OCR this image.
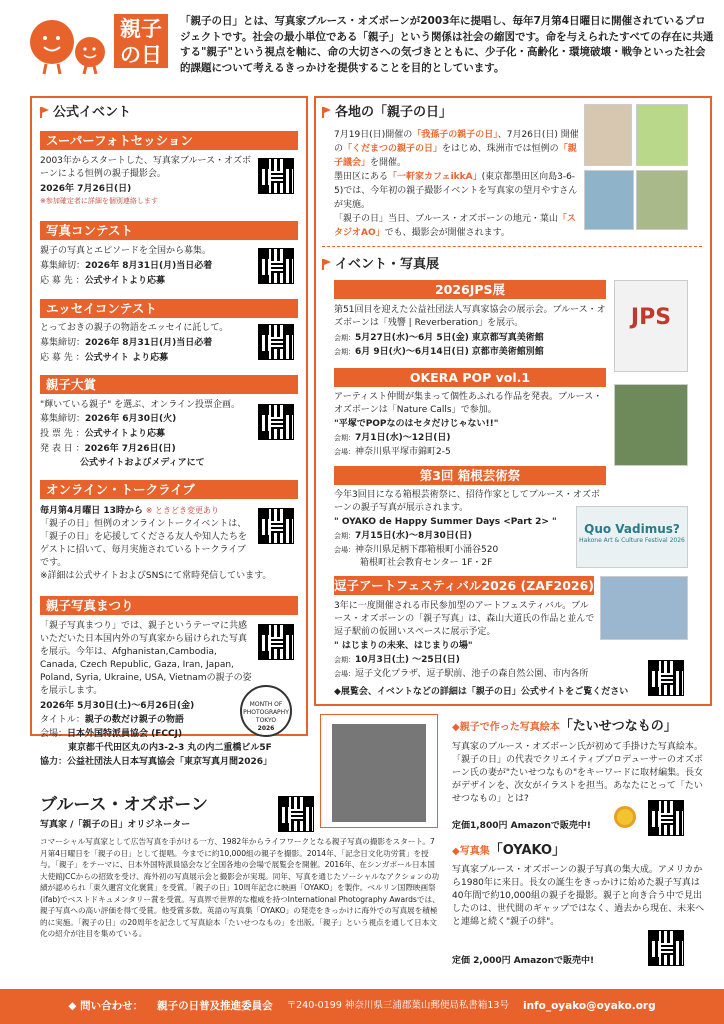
親子
の日
「親子の日」とは、写真家ブルース・オズボーンが2003年に提唱し、毎年7月第4日曜日に開催されているプロジェクトです。社会の最小単位である「親子」という関係は社会の縮図です。命を与えられたすべての存在に共通する"親子"という視点を軸に、命の大切さへの気づきとともに、少子化・高齢化・環境破壊・戦争といった社会的課題について考えるきっかけを提供することを目的としています。
公式イベント
スーパーフォトセッション
2003年からスタートした、写真家ブルース・オズボーンによる恒例の親子撮影会。
2026年 7月26日(日)
※参加確定者に詳細を個別連絡します
写真コンテスト
親子の写真とエピソードを全国から募集。
募集締切：2026年 8月31日(月)当日必着
応 募 先 ：公式サイトより応募
エッセイコンテスト
とっておきの親子の物語をエッセイに託して。
募集締切：2026年 8月31日(月)当日必着
応 募 先 ：公式サイト より応募
親子大賞
"輝いている親子" を選ぶ、オンライン投票企画。
募集締切：2026年 6月30日(火)
投 票 先 ：公式サイトより応募
発 表 日 ：2026年 7月26日(日)
公式サイトおよびメディアにて
オンライン・トークライブ
毎月第4月曜日 13時から ※ ときどき変更あり
「親子の日」恒例のオンライントークイベントは、「親子の日」を応援してくださる友人や知人たちをゲストに招いて、毎月実施されているトークライブです。
※詳細は公式サイトおよびSNSにて常時発信しています。
親子写真まつり
「親子写真まつり」では、親子というテーマに共感いただいた日本国内外の写真家から届けられた写真を展示。今年は、Afghanistan,Cambodia, Canada, Czech Republic, Gaza, Iran, Japan, Poland, Syria, Ukraine, USA, Vietnamの親子の姿を展示します。
2026年 5月30日(土)〜6月26日(金)
タイトル：親子の数だけ親子の物語
会場：日本外国特派員協会 (FCCJ)
東京都千代田区丸の内3-2-3 丸の内二重橋ビル5F
協力：公益社団法人日本写真協会「東京写真月間2026」
MONTH OF PHOTOGRAPHY TOKYO
2026
各地の「親子の日」
7月19日(日)開催の「我孫子の親子の日」、7月26日(日) 開催の「くだまつの親子の日」をはじめ、珠洲市では恒例の「親子議会」を開催。
墨田区にある「一軒家カフェikkA」(東京都墨田区向島3-6-5)では、今年初の親子撮影イベントを写真家の望月やすさんが実施。
「親子の日」当日、ブルース・オズボーンの地元・葉山「スタジオAO」でも、撮影会が開催されます。
イベント・写真展
2026JPS展
第51回目を迎えた公益社団法人写真家協会の展示会。ブルース・オズボーンは「残響 | Reverberation」を展示。
会期：5月27日(水)〜6月 5日(金) 東京都写真美術館
会期：6月 9日(火)〜6月14日(日) 京都市美術館別館
JPS
OKERA POP vol.1
アーティスト仲間が集まって個性あふれる作品を発表。ブルース・オズボーンは「Nature Calls」で参加。
"平塚でPOPなのはセタだけじゃない!!"
会期：7月1日(水)〜12日(日)
会場：神奈川県平塚市錦町2-5
第3回 箱根芸術祭
今年3回目になる箱根芸術祭に、招待作家としてブルース・オズボーンの親子写真が展示されます。
" OYAKO de Happy Summer Days <Part 2> "
会期：7月15日(水)〜8月30日(日)
会場：神奈川県足柄下郡箱根町小涌谷520
箱根町社会教育センター 1F・2F
Quo Vadimus?
Hakone Art & Culture Festival 2026
逗子アートフェスティバル2026 (ZAF2026)
3年に一度開催される市民参加型のアートフェスティバル。ブルース・オズボーンの「親子写真」は、森山大道氏の作品と並んで逗子駅前の仮囲いスペースに展示予定。
" はじまりの未来、はじまりの場"
会期：10月3日(土) 〜25日(日)
会場：逗子文化プラザ、逗子駅前、池子の森自然公園、市内各所
◆展覧会、イベントなどの詳細は「親子の日」公式サイトをご覧ください
ブルース・オズボーン
写真家 /「親子の日」オリジネーター
コマーシャル写真家として広告写真を手がける一方、1982年からライフワークとなる親子写真の撮影をスタート。7月第4日曜日を「親子の日」として提唱。今までに約10,000組の親子を撮影。2014年、「記念日文化功労賞」を授与。「親子」をテーマに、日本外国特派員協会など全国各地の会場で展覧会を開催。2016年、在シンガポール日本国大使館JCCからの招致を受け、海外初の写真展示会と撮影会が実現。同年、写真を通じたソーシャルなアクションの功績が認められ「東久邇宮文化褒賞」を受賞。「親子の日」10周年記念に映画「OYAKO」を製作。ベルリン国際映画祭(ifab)でベストドキュメンタリー賞を受賞。写真界で世界的な権威を持つInternational Photography Awardsでは、親子写真への高い評価を得て受賞。他受賞多数。英語の写真集「OYAKO」の発売をきっかけに海外での写真展を積極的に実施。「親子の日」の20周年を記念して写真絵本「たいせつなもの」を出版。「親子」という視点を通して日本文化の紹介が注目を集めている。
◆親子で作った写真絵本「たいせつなもの」
写真家のブルース・オズボーン氏が初めて手掛けた写真絵本。「親子の日」の代表でクリエイティブプロデューサーのオズボーン氏の妻が"たいせつなもの"をキーワードに取材編集。長女がデザインを、次女がイラストを担当。あなたにとって「たいせつなもの」とは?
定価1,800円 Amazonで販売中!
◆写真集「OYAKO」
写真家ブルース・オズボーンの親子写真の集大成。アメリカから1980年に来日。長女の誕生をきっかけに始めた親子写真は40年間で約10,000組の親子を撮影。親子と向き合う中で見出したのは、世代間のギャップではなく、過去から現在、未来へと連綿と続く"親子の絆"。
定価 2,000円 Amazonで販売中!
◆ 問い合わせ： 親子の日普及推進委員会 〒240-0199 神奈川県三浦郡葉山郵便局私書箱13号 info_oyako@oyako.org
